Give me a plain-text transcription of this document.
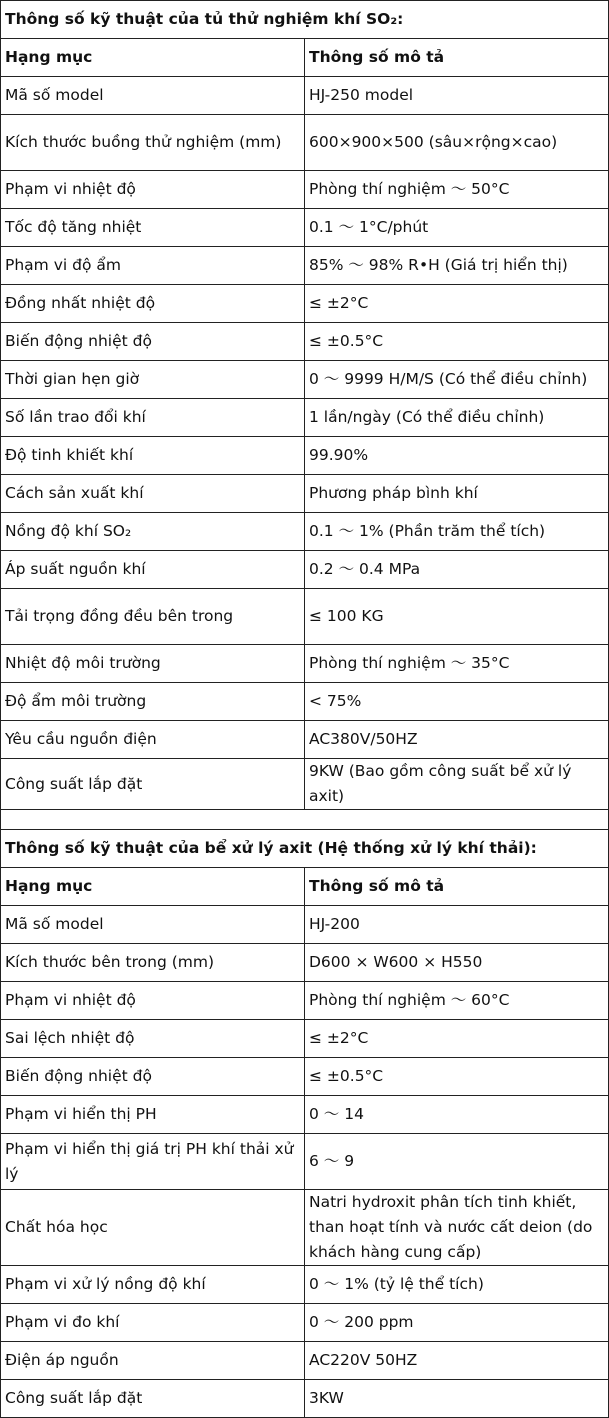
Thông số kỹ thuật của tủ thử nghiệm khí SO₂:	
Hạng mục	Thông số mô tả
Mã số model	HJ-250 model
Kích thước buồng thử nghiệm (mm)	600×900×500 (sâu×rộng×cao)
Phạm vi nhiệt độ	Phòng thí nghiệm ～ 50°C
Tốc độ tăng nhiệt	0.1 ～ 1°C/phút
Phạm vi độ ẩm	85% ～ 98% R•H (Giá trị hiển thị)
Đồng nhất nhiệt độ	≤ ±2°C
Biến động nhiệt độ	≤ ±0.5°C
Thời gian hẹn giờ	0 ～ 9999 H/M/S (Có thể điều chỉnh)
Số lần trao đổi khí	1 lần/ngày (Có thể điều chỉnh)
Độ tinh khiết khí	99.90%
Cách sản xuất khí	Phương pháp bình khí
Nồng độ khí SO₂	0.1 ～ 1% (Phần trăm thể tích)
Áp suất nguồn khí	0.2 ～ 0.4 MPa
Tải trọng đồng đều bên trong	≤ 100 KG
Nhiệt độ môi trường	Phòng thí nghiệm ～ 35°C
Độ ẩm môi trường	< 75%
Yêu cầu nguồn điện	AC380V/50HZ
Công suất lắp đặt	9KW (Bao gồm công suất bể xử lý axit)

Thông số kỹ thuật của bể xử lý axit (Hệ thống xử lý khí thải):	
Hạng mục	Thông số mô tả
Mã số model	HJ-200
Kích thước bên trong (mm)	D600 × W600 × H550
Phạm vi nhiệt độ	Phòng thí nghiệm ～ 60°C
Sai lệch nhiệt độ	≤ ±2°C
Biến động nhiệt độ	≤ ±0.5°C
Phạm vi hiển thị PH	0 ～ 14
Phạm vi hiển thị giá trị PH khí thải xử lý	6 ～ 9
Chất hóa học	Natri hydroxit phân tích tinh khiết, than hoạt tính và nước cất deion (do khách hàng cung cấp)
Phạm vi xử lý nồng độ khí	0 ～ 1% (tỷ lệ thể tích)
Phạm vi đo khí	0 ～ 200 ppm
Điện áp nguồn	AC220V 50HZ
Công suất lắp đặt	3KW
